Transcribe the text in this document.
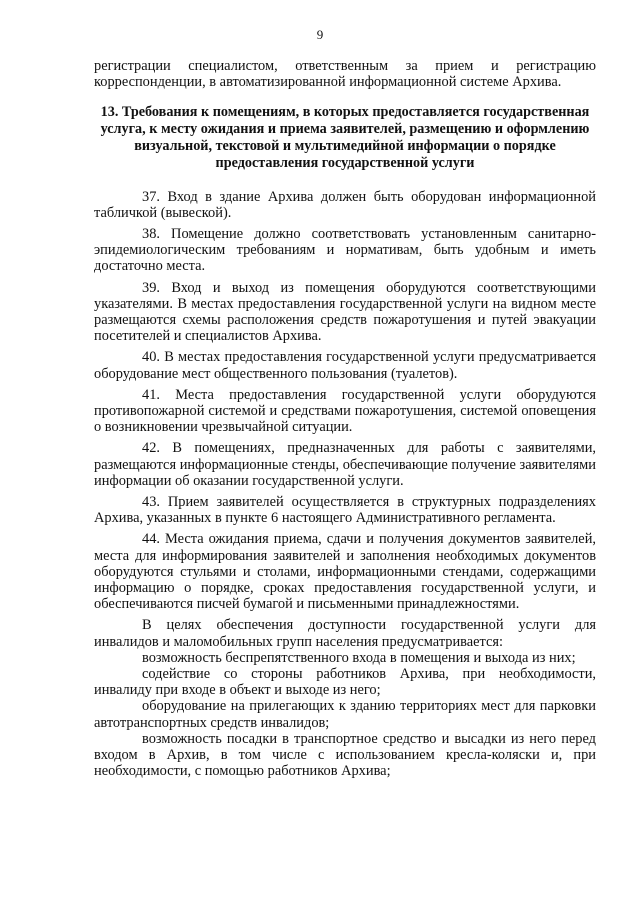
9

регистрации специалистом, ответственным за прием и регистрацию корреспонденции, в автоматизированной информационной системе Архива.

13. Требования к помещениям, в которых предоставляется государственная услуга, к месту ожидания и приема заявителей, размещению и оформлению визуальной, текстовой и мультимедийной информации о порядке предоставления государственной услуги

37. Вход в здание Архива должен быть оборудован информационной табличкой (вывеской).

38. Помещение должно соответствовать установленным санитарно-эпидемиологическим требованиям и нормативам, быть удобным и иметь достаточно места.

39. Вход и выход из помещения оборудуются соответствующими указателями. В местах предоставления государственной услуги на видном месте размещаются схемы расположения средств пожаротушения и путей эвакуации посетителей и специалистов Архива.

40. В местах предоставления государственной услуги предусматривается оборудование мест общественного пользования (туалетов).

41. Места предоставления государственной услуги оборудуются противопожарной системой и средствами пожаротушения, системой оповещения о возникновении чрезвычайной ситуации.

42. В помещениях, предназначенных для работы с заявителями, размещаются информационные стенды, обеспечивающие получение заявителями информации об оказании государственной услуги.

43. Прием заявителей осуществляется в структурных подразделениях Архива, указанных в пункте 6 настоящего Административного регламента.

44. Места ожидания приема, сдачи и получения документов заявителей, места для информирования заявителей и заполнения необходимых документов оборудуются стульями и столами, информационными стендами, содержащими информацию о порядке, сроках предоставления государственной услуги, и обеспечиваются писчей бумагой и письменными принадлежностями.

В целях обеспечения доступности государственной услуги для инвалидов и маломобильных групп населения предусматривается:

возможность беспрепятственного входа в помещения и выхода из них;

содействие со стороны работников Архива, при необходимости, инвалиду при входе в объект и выходе из него;

оборудование на прилегающих к зданию территориях мест для парковки автотранспортных средств инвалидов;

возможность посадки в транспортное средство и высадки из него перед входом в Архив, в том числе с использованием кресла-коляски и, при необходимости, с помощью работников Архива;
